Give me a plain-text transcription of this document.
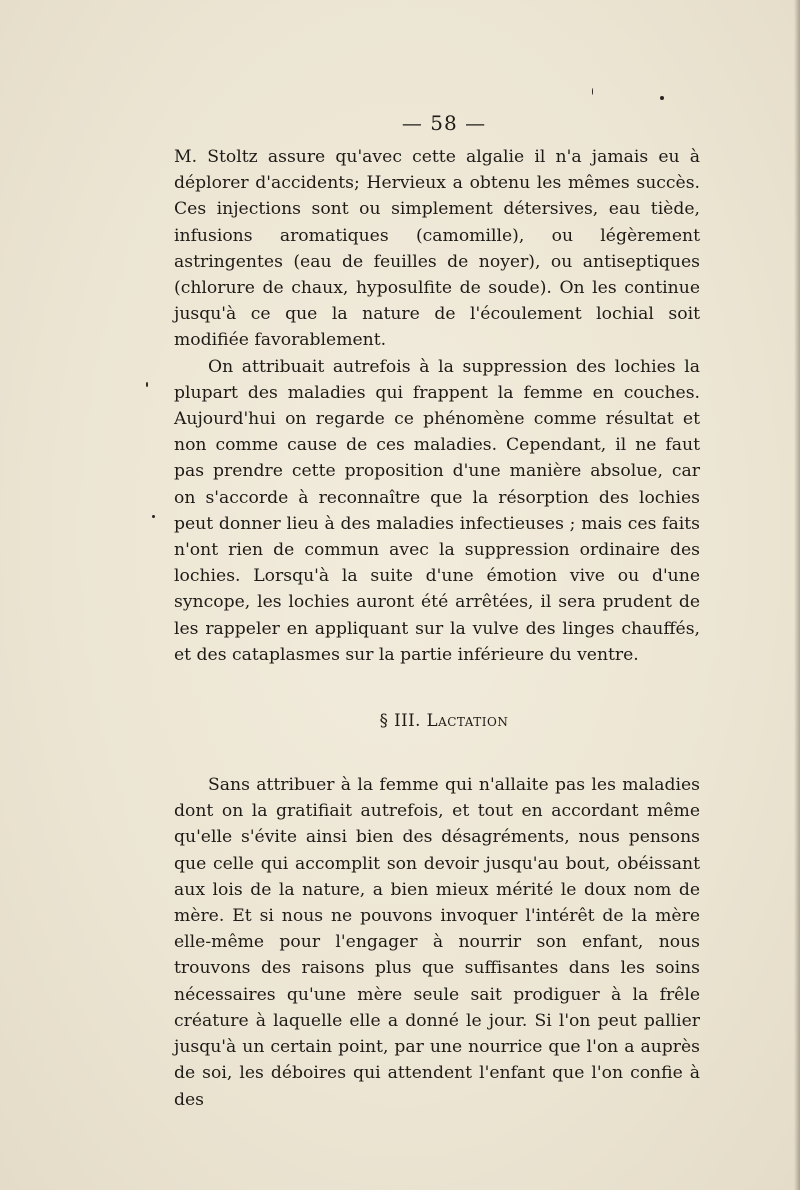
— 58 —

M. Stoltz assure qu'avec cette algalie il n'a jamais eu à déplorer d'accidents; Hervieux a obtenu les mêmes succès. Ces injections sont ou simplement détersives, eau tiède, infusions aromatiques (camomille), ou légèrement astringentes (eau de feuilles de noyer), ou antiseptiques (chlorure de chaux, hyposulfite de soude). On les continue jusqu'à ce que la nature de l'écoulement lochial soit modifiée favorablement.

On attribuait autrefois à la suppression des lochies la plupart des maladies qui frappent la femme en couches. Aujourd'hui on regarde ce phénomène comme résultat et non comme cause de ces maladies. Cependant, il ne faut pas prendre cette proposition d'une manière absolue, car on s'accorde à reconnaître que la résorption des lochies peut donner lieu à des maladies infectieuses ; mais ces faits n'ont rien de commun avec la suppression ordinaire des lochies. Lorsqu'à la suite d'une émotion vive ou d'une syncope, les lochies auront été arrêtées, il sera prudent de les rappeler en appliquant sur la vulve des linges chauffés, et des cataplasmes sur la partie inférieure du ventre.

§ III. Lactation

Sans attribuer à la femme qui n'allaite pas les maladies dont on la gratifiait autrefois, et tout en accordant même qu'elle s'évite ainsi bien des désagréments, nous pensons que celle qui accomplit son devoir jusqu'au bout, obéissant aux lois de la nature, a bien mieux mérité le doux nom de mère. Et si nous ne pouvons invoquer l'intérêt de la mère elle-même pour l'engager à nourrir son enfant, nous trouvons des raisons plus que suffisantes dans les soins nécessaires qu'une mère seule sait prodiguer à la frêle créature à laquelle elle a donné le jour. Si l'on peut pallier jusqu'à un certain point, par une nourrice que l'on a auprès de soi, les déboires qui attendent l'enfant que l'on confie à des
